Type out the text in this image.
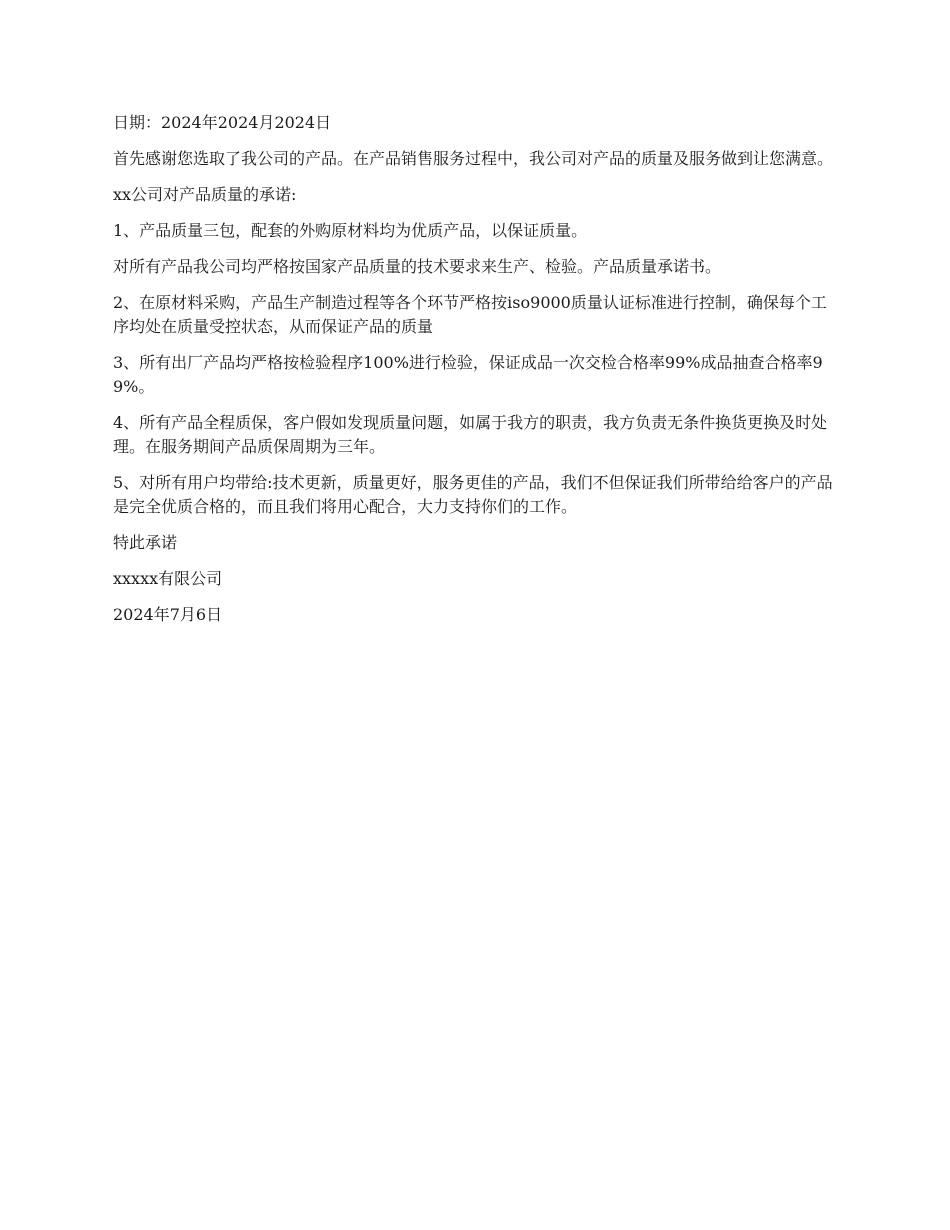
日期：2024年2024月2024日

首先感谢您选取了我公司的产品。在产品销售服务过程中，我公司对产品的质量及服务做到让您满意。

xx公司对产品质量的承诺:

1、产品质量三包，配套的外购原材料均为优质产品，以保证质量。

对所有产品我公司均严格按国家产品质量的技术要求来生产、检验。产品质量承诺书。

2、在原材料采购，产品生产制造过程等各个环节严格按iso9000质量认证标准进行控制，确保每个工序均处在质量受控状态，从而保证产品的质量

3、所有出厂产品均严格按检验程序100%进行检验，保证成品一次交检合格率99%成品抽查合格率99%。

4、所有产品全程质保，客户假如发现质量问题，如属于我方的职责，我方负责无条件换货更换及时处理。在服务期间产品质保周期为三年。

5、对所有用户均带给:技术更新，质量更好，服务更佳的产品，我们不但保证我们所带给给客户的产品是完全优质合格的，而且我们将用心配合，大力支持你们的工作。

特此承诺

xxxxx有限公司

2024年7月6日
